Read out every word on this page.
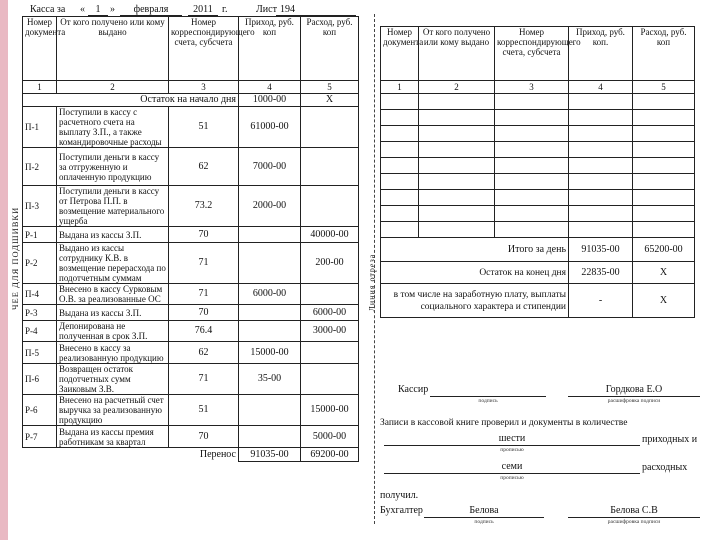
Касса за «	1 »	февраля	2011 г.	Лист 194
ЧЕЕ ДЛЯ ПОДШИВКИ	Линия отреза
Номер документа	От кого получено или кому выдано	Номер корреспондирующего счета, субсчета	Приход, руб. коп	Расход, руб. коп
1	2	3	4	5
	Остаток на начало дня		1000-00	X
П-1	Поступили в кассу с расчетного счета на выплату З.П., а также командировочные расходы	51	61000-00	
П-2	Поступили деньги в кассу за отгруженную и оплаченную продукцию	62	7000-00	
П-3	Поступили деньги в кассу от Петрова П.П. в возмещение материального ущерба	73.2	2000-00	
Р-1	Выдана из кассы З.П.	70		40000-00
Р-2	Выдано из кассы сотруднику К.В. в возмещение перерасхода по подотчетным суммам	71		200-00
П-4	Внесено в кассу Сурковым О.В. за реализованные ОС	71	6000-00	
Р-3	Выдана из кассы З.П.	70		6000-00
Р-4	Депонирована не полученная в срок З.П.	76.4		3000-00
П-5	Внесено в кассу за реализованную продукцию	62	15000-00	
П-6	Возвращен остаток подотчетных сумм Заиковым З.В.	71	35-00	
Р-6	Внесено на расчетный счет выручка за реализованную продукцию	51		15000-00
Р-7	Выдана из кассы премия работникам за квартал	70		5000-00
		Перенос	91035-00	69200-00
Номер документа	От кого получено или кому выдано	Номер корреспондирующего счета, субсчета	Приход, руб. коп.	Расход, руб. коп
1	2	3	4	5

Итого за день			91035-00	65200-00
Остаток на конец дня			22835-00	X
в том числе на заработную плату, выплаты социального характера и стипендии			-	X
Кассир
подпись
Гордкова Е.О
расшифровка подписи
Записи в кассовой книге проверил и документы в количестве
шести	приходных и
прописью
семи	расходных
прописью
получил.
Бухгалтер	Белова
подпись
Белова С.В
расшифровка подписи
